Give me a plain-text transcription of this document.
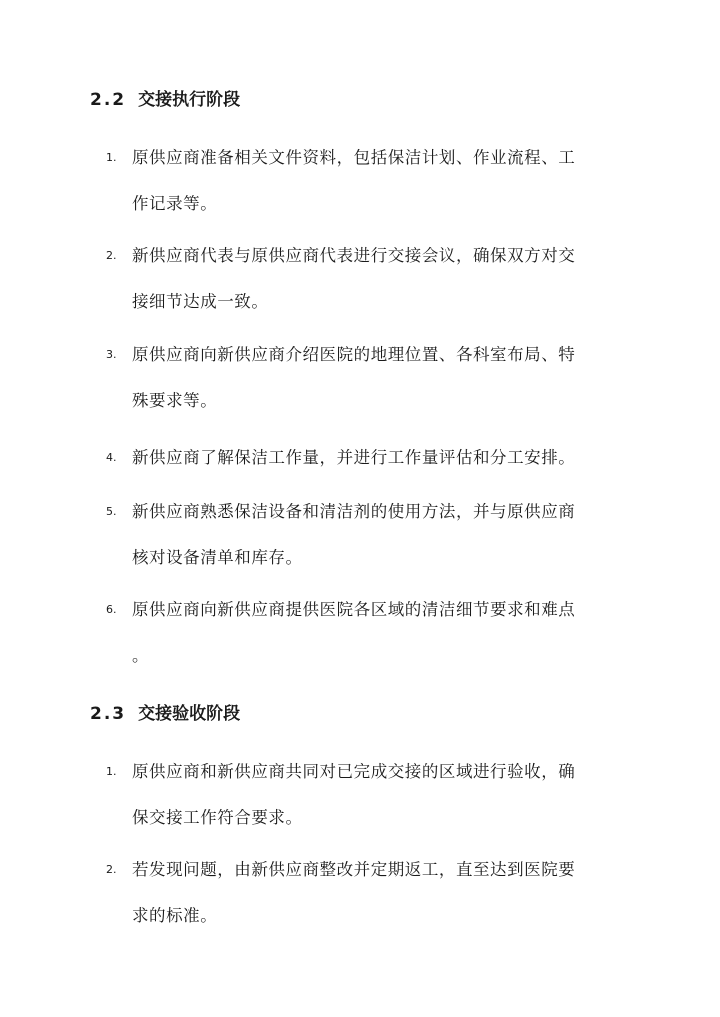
2.2 交接执行阶段
1. 原供应商准备相关文件资料，包括保洁计划、作业流程、工
作记录等。
2. 新供应商代表与原供应商代表进行交接会议，确保双方对交
接细节达成一致。
3. 原供应商向新供应商介绍医院的地理位置、各科室布局、特
殊要求等。
4. 新供应商了解保洁工作量，并进行工作量评估和分工安排。
5. 新供应商熟悉保洁设备和清洁剂的使用方法，并与原供应商
核对设备清单和库存。
6. 原供应商向新供应商提供医院各区域的清洁细节要求和难点
。
2.3 交接验收阶段
1. 原供应商和新供应商共同对已完成交接的区域进行验收，确
保交接工作符合要求。
2. 若发现问题，由新供应商整改并定期返工，直至达到医院要
求的标准。
